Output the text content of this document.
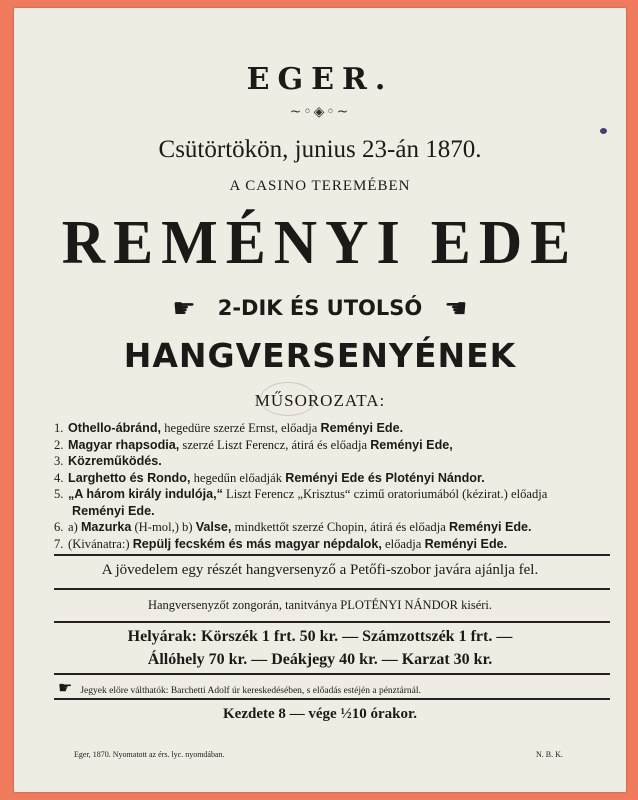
EGER.
~◦◈◦~
Csütörtökön, junius 23-án 1870.
A CASINO TEREMÉBEN
REMÉNYI EDE
☛ 2-DIK ÉS UTOLSÓ ☚
HANGVERSENYÉNEK
MŰSOROZATA:
1. Othello-ábránd, hegedüre szerzé Ernst, előadja Reményi Ede.
2. Magyar rhapsodia, szerzé Liszt Ferencz, átirá és előadja Reményi Ede,
3. Közreműködés.
4. Larghetto és Rondo, hegedűn előadják Reményi Ede és Plotényi Nándor.
5. „A három király indulója,“ Liszt Ferencz „Krisztus“ czimű oratoriumából (kézirat.) előadja
Reményi Ede.
6. a) Mazurka (H-mol,) b) Valse, mindkettőt szerzé Chopin, átirá és előadja Reményi Ede.
7. (Kivánatra:) Repülj fecském és más magyar népdalok, előadja Reményi Ede.
A jövedelem egy részét hangversenyző a Petőfi-szobor javára ajánlja fel.
Hangversenyzőt zongorán, tanitványa PLOTÉNYI NÁNDOR kiséri.
Helyárak: Körszék 1 frt. 50 kr. — Számzottszék 1 frt. —
Állóhely 70 kr. — Deákjegy 40 kr. — Karzat 30 kr.
☛ Jegyek előre válthatók: Barchetti Adolf úr kereskedésében, s előadás estéjén a pénztárnál.
Kezdete 8 — vége ½10 órakor.
Eger, 1870. Nyomatott az érs. lyc. nyomdában.	N. B. K.
